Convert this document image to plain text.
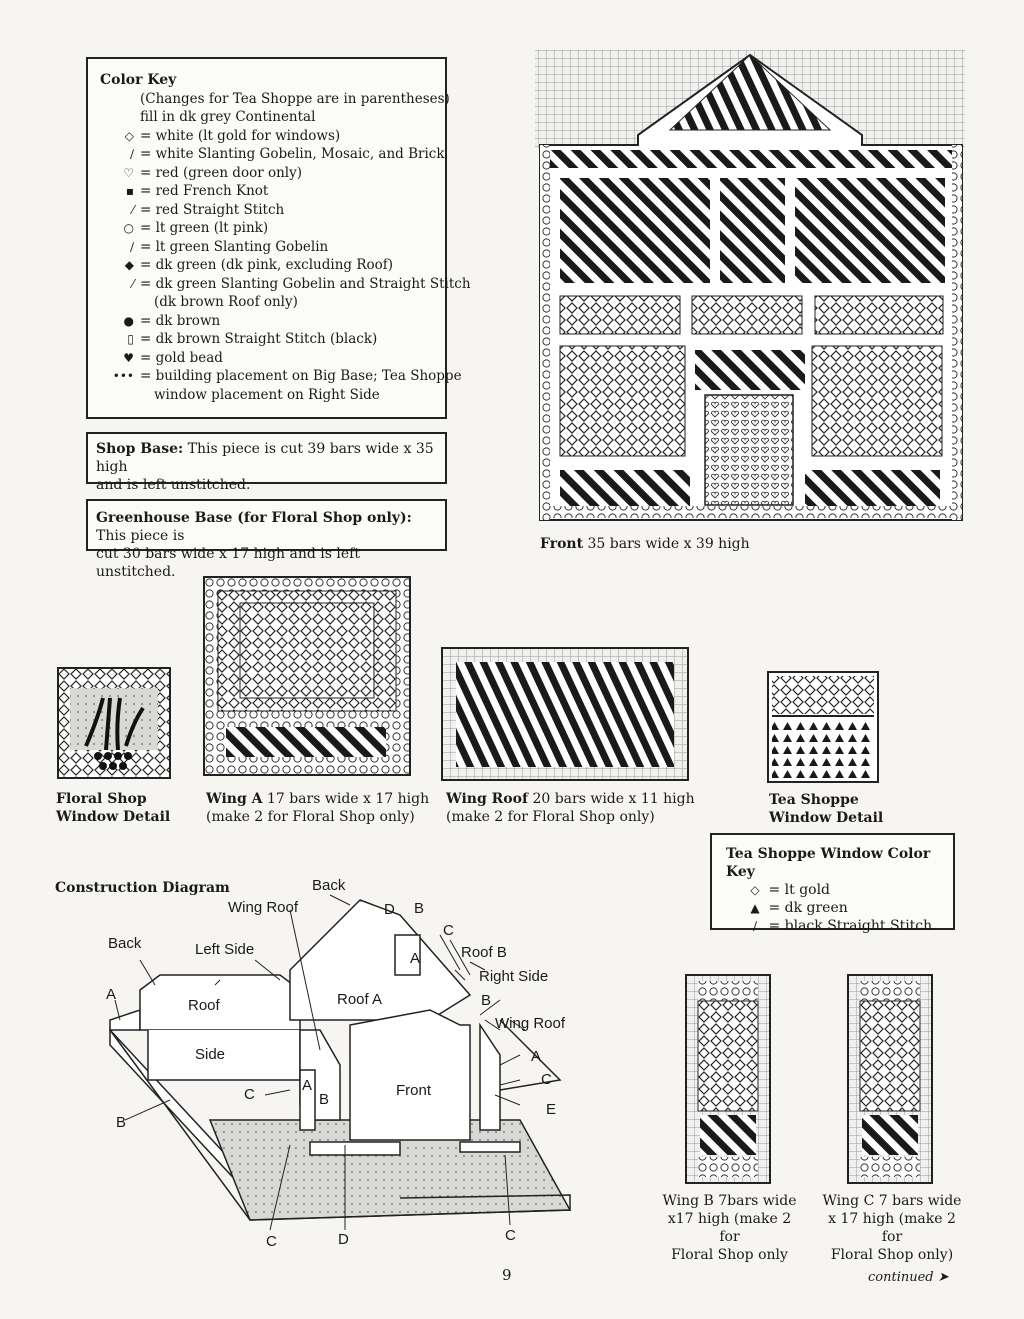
Color Key
(Changes for Tea Shoppe are in parentheses)
fill in dk grey Continental
◇ = white (lt gold for windows)
∕ = white Slanting Gobelin, Mosaic, and Brick
♡ = red (green door only)
▪ = red French Knot
⁄ = red Straight Stitch
○ = lt green (lt pink)
∕ = lt green Slanting Gobelin
◆ = dk green (dk pink, excluding Roof)
⁄ = dk green Slanting Gobelin and Straight Stitch
(dk brown Roof only)
● = dk brown
▯ = dk brown Straight Stitch (black)
♥ = gold bead
••• = building placement on Big Base; Tea Shoppe
window placement on Right Side
Shop Base: This piece is cut 39 bars wide x 35 high
and is left unstitched.
Greenhouse Base (for Floral Shop only): This piece is
cut 30 bars wide x 17 high and is left unstitched.
Front 35 bars wide x 39 high
Floral Shop
Window Detail
Wing A 17 bars wide x 17 high
(make 2 for Floral Shop only)
Wing Roof 20 bars wide x 11 high
(make 2 for Floral Shop only)
Tea Shoppe
Window Detail
Tea Shoppe Window Color Key
◇ = lt gold
▲ = dk green
∕ = black Straight Stitch
Construction Diagram	Back
Wing Roof
Back	Left Side
A
Roof
Side
Roof A
D B
C
A	Roof B
Right Side
B
Wing Roof
A
C
E
Front
C
A
B
B
C	D	C
Wing B 7bars wide
x17 high (make 2 for
Floral Shop only
Wing C 7 bars wide
x 17 high (make 2 for
Floral Shop only)
9	continued ➤
